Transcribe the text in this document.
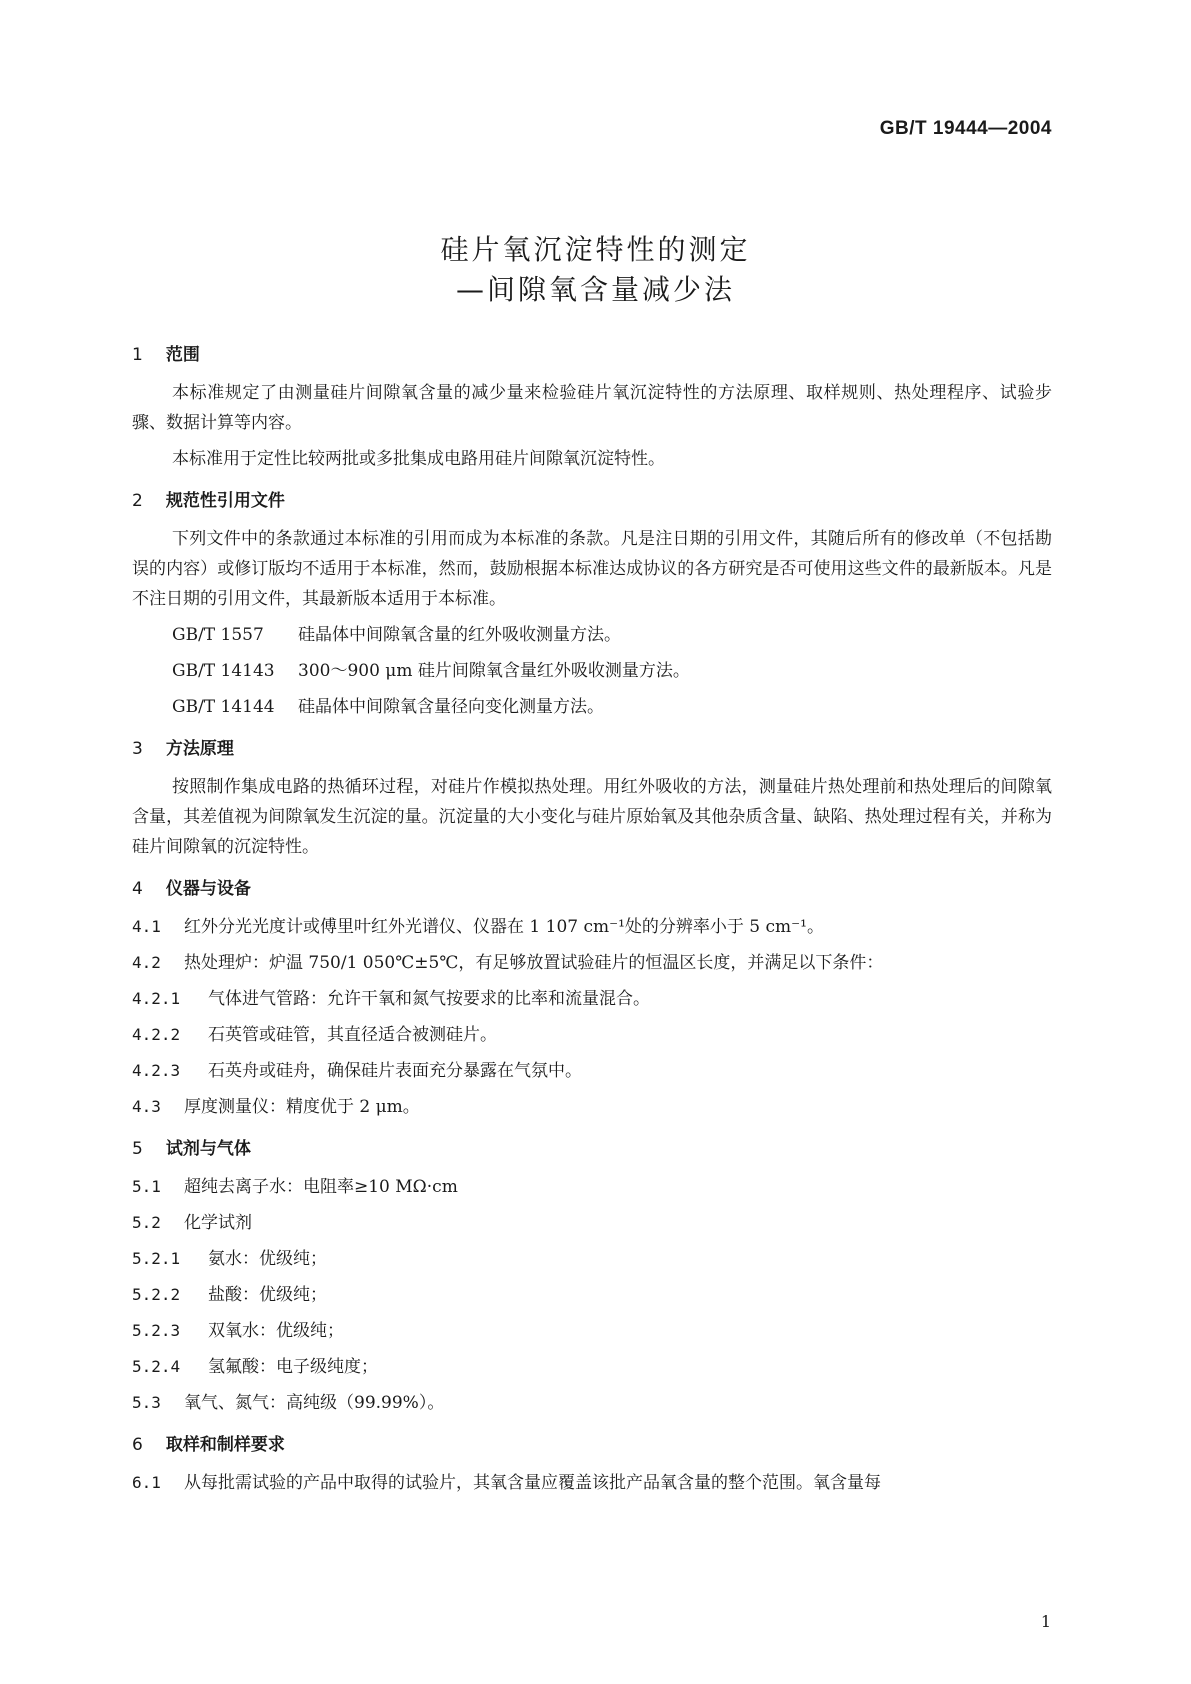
GB/T 19444—2004
硅片氧沉淀特性的测定
—间隙氧含量减少法
1 范围
本标准规定了由测量硅片间隙氧含量的减少量来检验硅片氧沉淀特性的方法原理、取样规则、热处理程序、试验步骤、数据计算等内容。
本标准用于定性比较两批或多批集成电路用硅片间隙氧沉淀特性。
2 规范性引用文件
下列文件中的条款通过本标准的引用而成为本标准的条款。凡是注日期的引用文件，其随后所有的修改单（不包括勘误的内容）或修订版均不适用于本标准，然而，鼓励根据本标准达成协议的各方研究是否可使用这些文件的最新版本。凡是不注日期的引用文件，其最新版本适用于本标准。
GB/T 1557 硅晶体中间隙氧含量的红外吸收测量方法。
GB/T 14143 300～900 μm 硅片间隙氧含量红外吸收测量方法。
GB/T 14144 硅晶体中间隙氧含量径向变化测量方法。
3 方法原理
按照制作集成电路的热循环过程，对硅片作模拟热处理。用红外吸收的方法，测量硅片热处理前和热处理后的间隙氧含量，其差值视为间隙氧发生沉淀的量。沉淀量的大小变化与硅片原始氧及其他杂质含量、缺陷、热处理过程有关，并称为硅片间隙氧的沉淀特性。
4 仪器与设备
4.1 红外分光光度计或傅里叶红外光谱仪、仪器在 1 107 cm⁻¹处的分辨率小于 5 cm⁻¹。
4.2 热处理炉：炉温 750/1 050℃±5℃，有足够放置试验硅片的恒温区长度，并满足以下条件：
4.2.1 气体进气管路：允许干氧和氮气按要求的比率和流量混合。
4.2.2 石英管或硅管，其直径适合被测硅片。
4.2.3 石英舟或硅舟，确保硅片表面充分暴露在气氛中。
4.3 厚度测量仪：精度优于 2 μm。
5 试剂与气体
5.1 超纯去离子水：电阻率≥10 MΩ·cm
5.2 化学试剂
5.2.1 氨水：优级纯；
5.2.2 盐酸：优级纯；
5.2.3 双氧水：优级纯；
5.2.4 氢氟酸：电子级纯度；
5.3 氧气、氮气：高纯级（99.99%）。
6 取样和制样要求
6.1 从每批需试验的产品中取得的试验片，其氧含量应覆盖该批产品氧含量的整个范围。氧含量每
1
